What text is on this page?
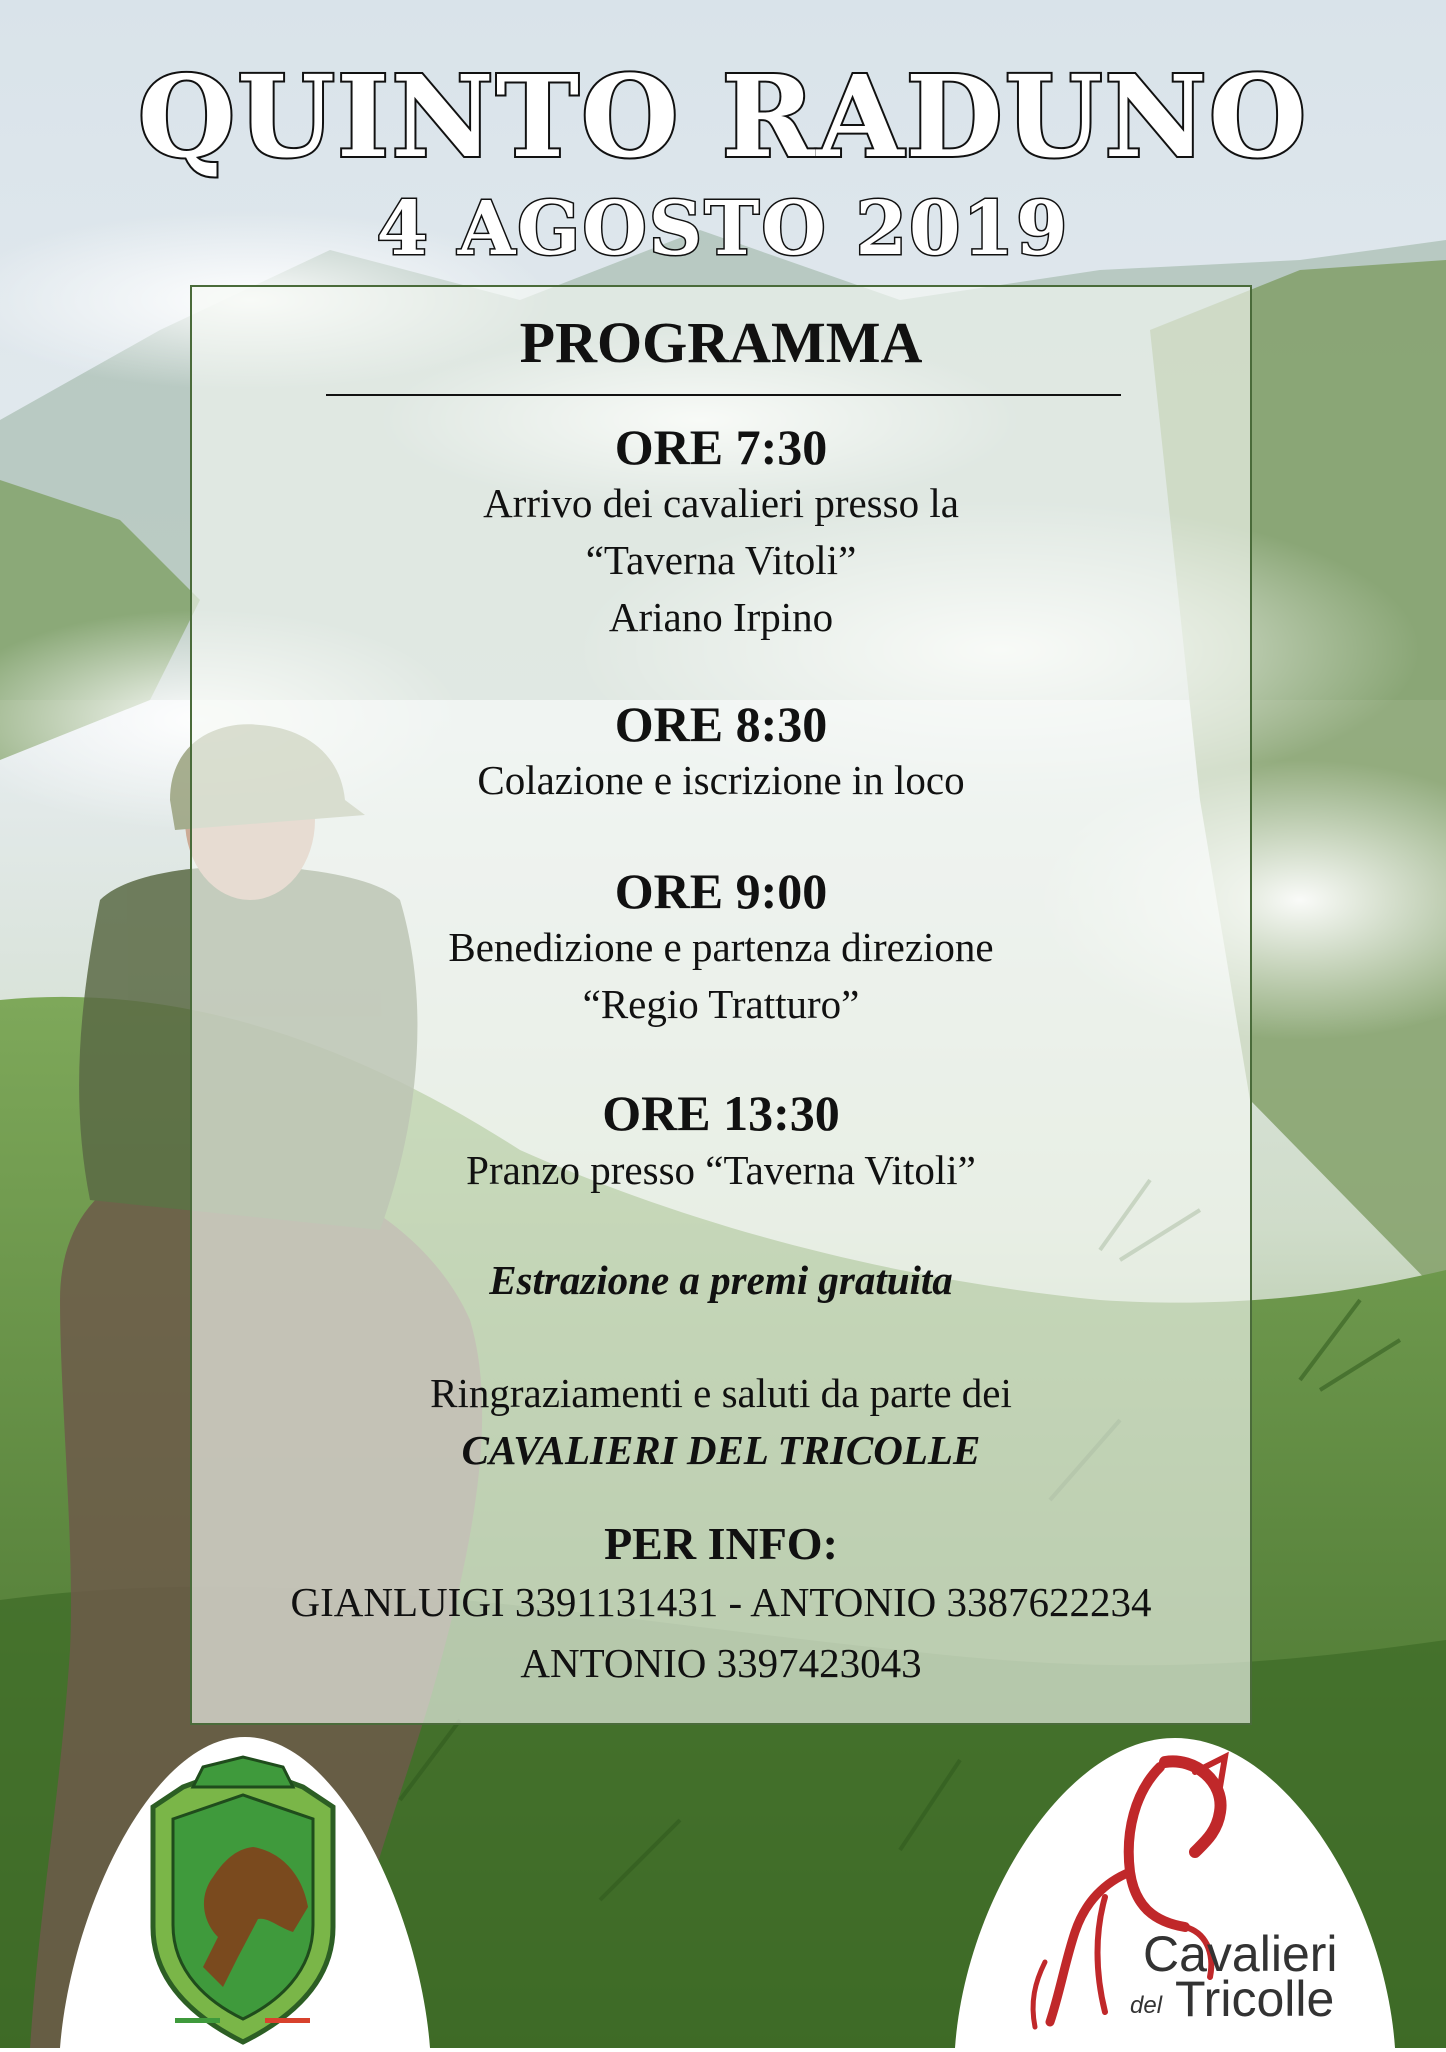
QUINTO RADUNO
4 AGOSTO 2019
PROGRAMMA
ORE 7:30
Arrivo dei cavalieri presso la
“Taverna Vitoli”
Ariano Irpino
ORE 8:30
Colazione e iscrizione in loco
ORE 9:00
Benedizione e partenza direzione
“Regio Tratturo”
ORE 13:30
Pranzo presso “Taverna Vitoli”
Estrazione a premi gratuita
Ringraziamenti e saluti da parte dei
CAVALIERI DEL TRICOLLE
PER INFO:
GIANLUIGI 3391131431 - ANTONIO 3387622234
ANTONIO 3397423043
Cavalieri
del Tricolle
